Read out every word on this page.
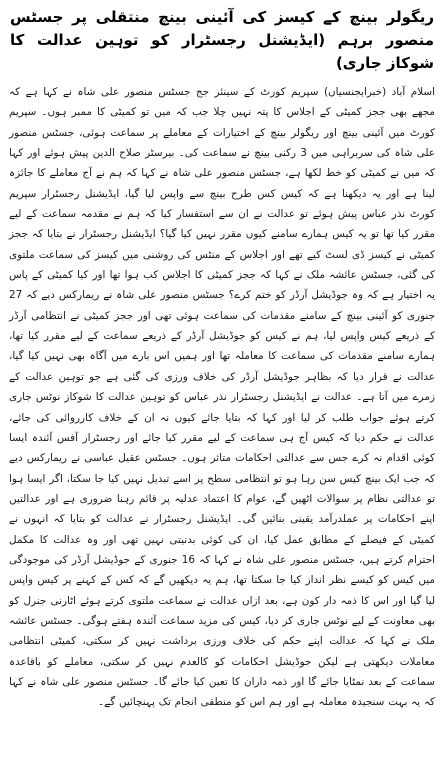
ریگولر بینچ کے کیسز کی آئینی بینچ منتقلی پر جسٹس منصور برہم (ایڈیشنل رجسٹرار کو توہین عدالت کا شوکاز جاری)

اسلام آباد (خبرایجنسیاں) سپریم کورٹ کے سینئر جج جسٹس منصور علی شاہ نے کہا ہے کہ مجھے بھی ججز کمیٹی کے اجلاس کا پتہ نہیں چلا جب کہ میں تو کمیٹی کا ممبر ہوں۔ سپریم کورٹ میں آئینی بینچ اور ریگولر بینچ کے اختیارات کے معاملے پر سماعت ہوئی، جسٹس منصور علی شاہ کی سربراہی میں 3 رکنی بینچ نے سماعت کی۔ بیرسٹر صلاح الدین پیش ہوئے اور کہا کہ میں نے کمیٹی کو خط لکھا ہے، جسٹس منصور علی شاہ نے کہا کہ ہم نے آج معاملے کا جائزہ لینا ہے اور یہ دیکھنا ہے کہ کیس کس طرح بینچ سے واپس لیا گیا، ایڈیشنل رجسٹرار سپریم کورٹ نذر عباس پیش ہوئے تو عدالت نے ان سے استفسار کیا کہ ہم نے مقدمہ سماعت کے لیے مقرر کیا تھا تو یہ کیس ہمارے سامنے کیوں مقرر نہیں کیا گیا؟ ایڈیشنل رجسٹرار نے بتایا کہ ججز کمیٹی نے کیسز ڈی لسٹ کیے تھے اور اجلاس کے منٹس کی روشنی میں کیسز کی سماعت ملتوی کی گئی، جسٹس عائشہ ملک نے کہا کہ ججز کمیٹی کا اجلاس کب ہوا تھا اور کیا کمیٹی کے پاس یہ اختیار ہے کہ وہ جوڈیشل آرڈر کو ختم کرے؟ جسٹس منصور علی شاہ نے ریمارکس دیے کہ 27 جنوری کو آئینی بینچ کے سامنے مقدمات کی سماعت ہوئی تھی اور ججز کمیٹی نے انتظامی آرڈر کے ذریعے کیس واپس لیا، ہم نے کیس کو جوڈیشل آرڈر کے ذریعے سماعت کے لیے مقرر کیا تھا، ہمارے سامنے مقدمات کی سماعت کا معاملہ تھا اور ہمیں اس بارے میں آگاہ بھی نہیں کیا گیا، عدالت نے قرار دیا کہ بظاہر جوڈیشل آرڈر کی خلاف ورزی کی گئی ہے جو توہین عدالت کے زمرے میں آتا ہے۔ عدالت نے ایڈیشنل رجسٹرار نذر عباس کو توہین عدالت کا شوکاز نوٹس جاری کرتے ہوئے جواب طلب کر لیا اور کہا کہ بتایا جائے کیوں نہ ان کے خلاف کارروائی کی جائے، عدالت نے حکم دیا کہ کیس آج ہی سماعت کے لیے مقرر کیا جائے اور رجسٹرار آفس آئندہ ایسا کوئی اقدام نہ کرے جس سے عدالتی احکامات متاثر ہوں۔ جسٹس عقیل عباسی نے ریمارکس دیے کہ جب ایک بینچ کیس سن رہا ہو تو انتظامی سطح پر اسے تبدیل نہیں کیا جا سکتا، اگر ایسا ہوا تو عدالتی نظام پر سوالات اٹھیں گے، عوام کا اعتماد عدلیہ پر قائم رہنا ضروری ہے اور عدالتیں اپنے احکامات پر عملدرآمد یقینی بنائیں گی۔ ایڈیشنل رجسٹرار نے عدالت کو بتایا کہ انہوں نے کمیٹی کے فیصلے کے مطابق عمل کیا، ان کی کوئی بدنیتی نہیں تھی اور وہ عدالت کا مکمل احترام کرتے ہیں، جسٹس منصور علی شاہ نے کہا کہ 16 جنوری کے جوڈیشل آرڈر کی موجودگی میں کیس کو کیسے نظر انداز کیا جا سکتا تھا، ہم یہ دیکھیں گے کہ کس کے کہنے پر کیس واپس لیا گیا اور اس کا ذمہ دار کون ہے، بعد ازاں عدالت نے سماعت ملتوی کرتے ہوئے اٹارنی جنرل کو بھی معاونت کے لیے نوٹس جاری کر دیا، کیس کی مزید سماعت آئندہ ہفتے ہوگی۔ جسٹس عائشہ ملک نے کہا کہ عدالت اپنے حکم کی خلاف ورزی برداشت نہیں کر سکتی، کمیٹی انتظامی معاملات دیکھتی ہے لیکن جوڈیشل احکامات کو کالعدم نہیں کر سکتی، معاملے کو باقاعدہ سماعت کے بعد نمٹایا جائے گا اور ذمہ داران کا تعین کیا جائے گا۔ جسٹس منصور علی شاہ نے کہا کہ یہ بہت سنجیدہ معاملہ ہے اور ہم اس کو منطقی انجام تک پہنچائیں گے۔
